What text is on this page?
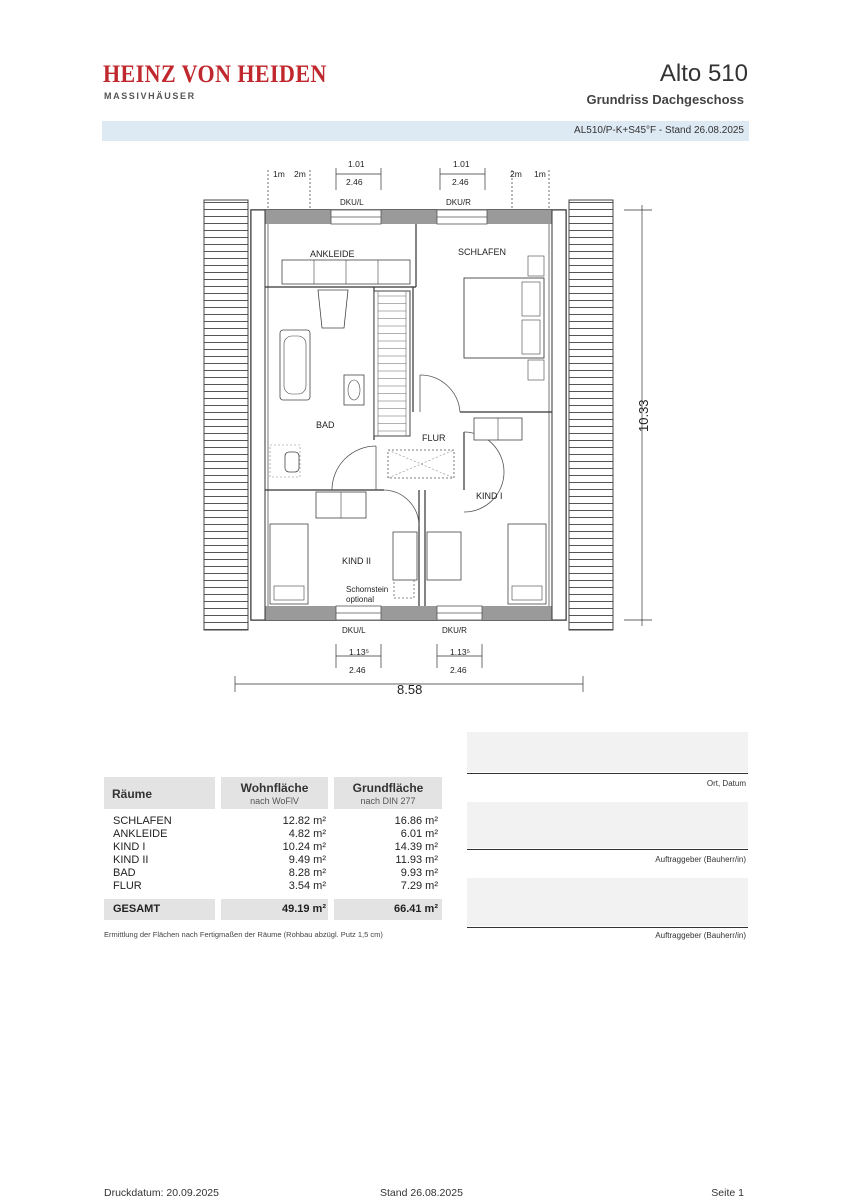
HEINZ VON HEIDEN
MASSIVHÄUSER
Alto 510
Grundriss Dachgeschoss
AL510/P-K+S45°F - Stand 26.08.2025
ANKLEIDE	SCHLAFEN
BAD
FLUR
KIND I
KIND II
Schornstein
optional
1m 2m
1.01
2.46
1.01
2.46
2m 1m
DKU/L	DKU/R
DKU/L	DKU/R
1.13⁵
2.46
1.13⁵
2.46
8.58
10.33
Räume	Wohnfläche
nach WoFlV
Grundfläche
nach DIN 277
SCHLAFEN	12.82 m²	16.86 m²
ANKLEIDE	4.82 m²	6.01 m²
KIND I	10.24 m²	14.39 m²
KIND II	9.49 m²	11.93 m²
BAD	8.28 m²	9.93 m²
FLUR	3.54 m²	7.29 m²
GESAMT	49.19 m²	66.41 m²
Ermittlung der Flächen nach Fertigmaßen der Räume (Rohbau abzügl. Putz 1,5 cm)
Ort, Datum
Auftraggeber (Bauherr/in)
Auftraggeber (Bauherr/in)
Druckdatum: 20.09.2025	Stand 26.08.2025	Seite 1
